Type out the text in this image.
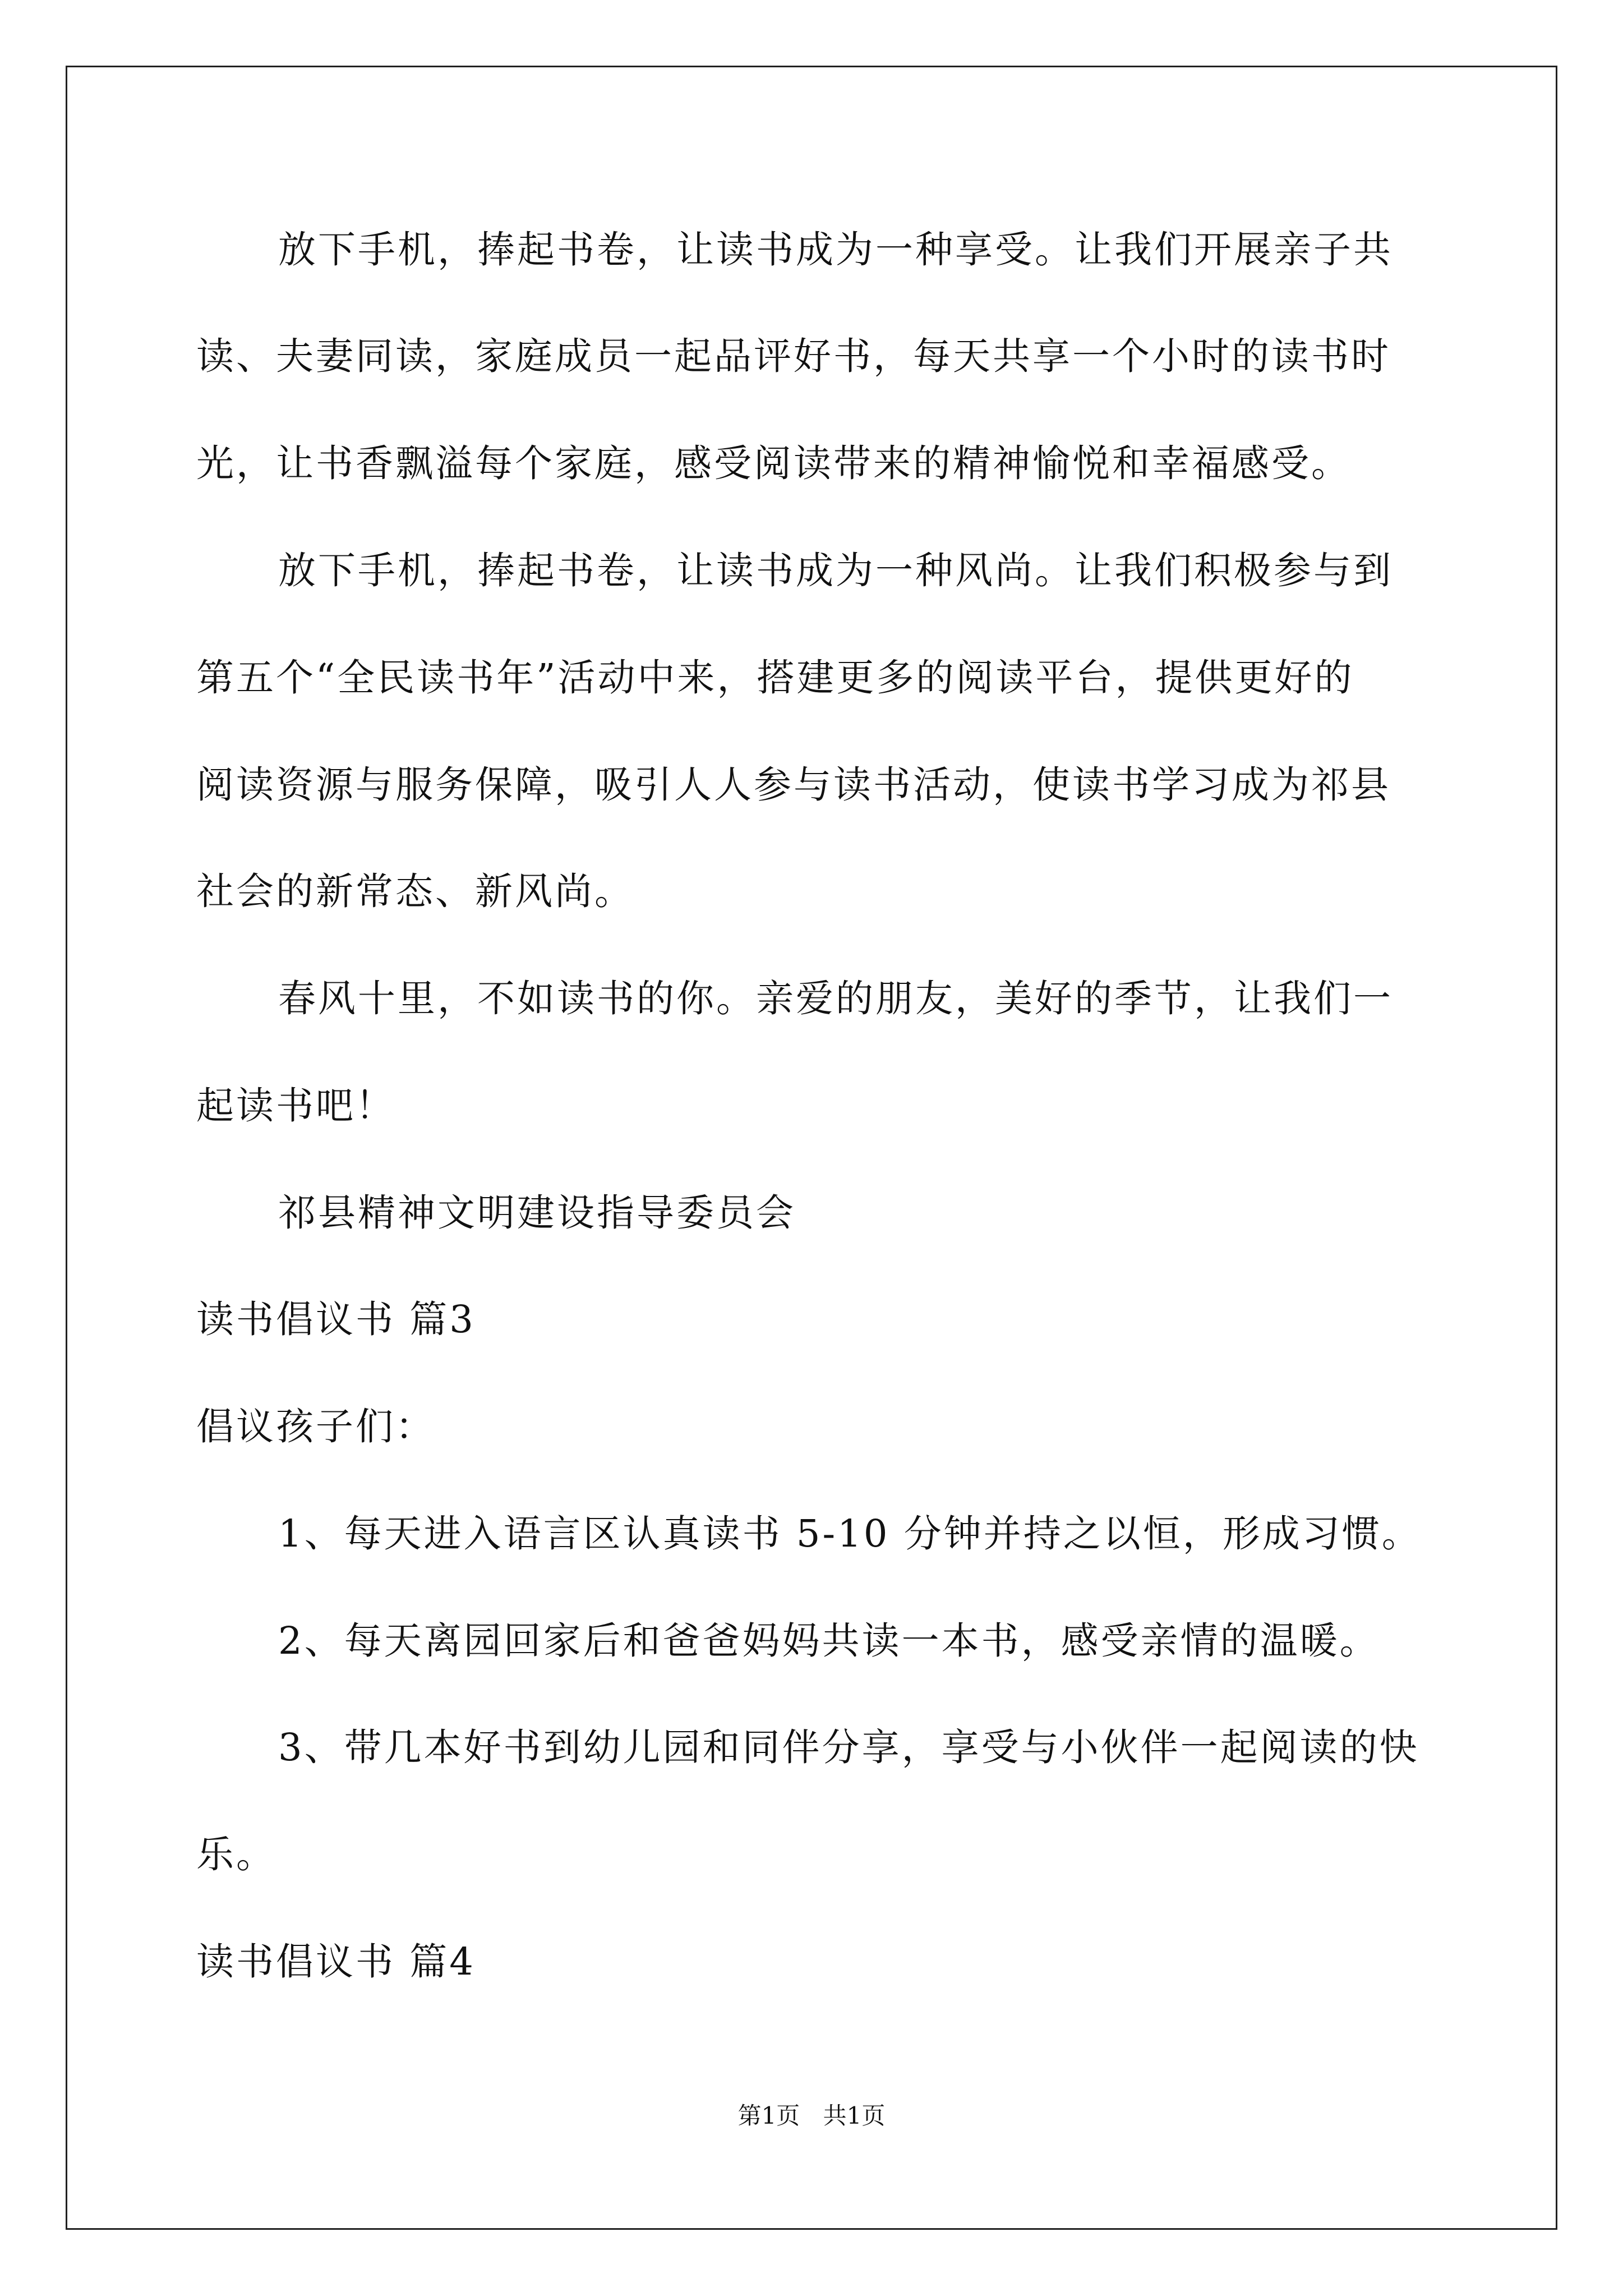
放下手机，捧起书卷，让读书成为一种享受。让我们开展亲子共
读、夫妻同读，家庭成员一起品评好书，每天共享一个小时的读书时
光，让书香飘溢每个家庭，感受阅读带来的精神愉悦和幸福感受。
放下手机，捧起书卷，让读书成为一种风尚。让我们积极参与到
第五个“全民读书年”活动中来，搭建更多的阅读平台，提供更好的
阅读资源与服务保障，吸引人人参与读书活动，使读书学习成为祁县
社会的新常态、新风尚。
春风十里，不如读书的你。亲爱的朋友，美好的季节，让我们一
起读书吧！
祁县精神文明建设指导委员会
读书倡议书 篇3
倡议孩子们：
1、每天进入语言区认真读书 5-10 分钟并持之以恒，形成习惯。
2、每天离园回家后和爸爸妈妈共读一本书，感受亲情的温暖。
3、带几本好书到幼儿园和同伴分享，享受与小伙伴一起阅读的快
乐。
读书倡议书 篇4
第1页 共1页
